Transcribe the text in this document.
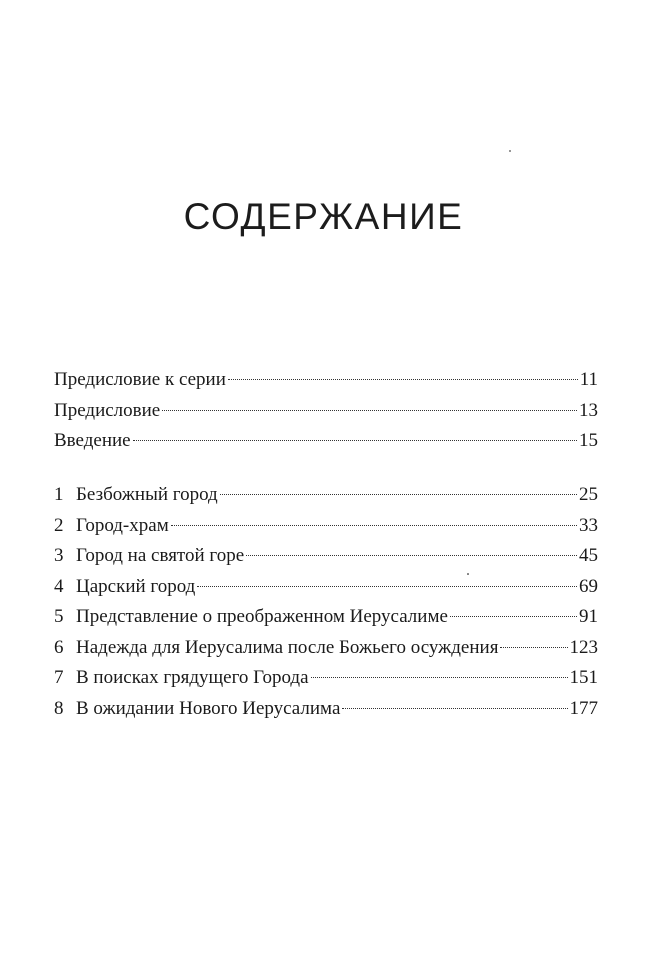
СОДЕРЖАНИЕ
Предисловие к серии	11
Предисловие	13
Введение	15
1 Безбожный город	25
2 Город-храм	33
3 Город на святой горе	45
4 Царский город	69
5 Представление о преображенном Иерусалиме	91
6 Надежда для Иерусалима после Божьего осуждения	123
7 В поисках грядущего Города	151
8 В ожидании Нового Иерусалима	177
